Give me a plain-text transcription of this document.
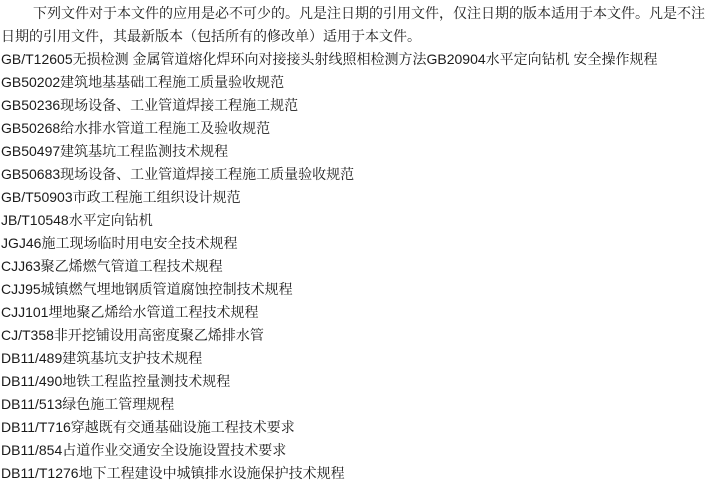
下列文件对于本文件的应用是必不可少的。凡是注日期的引用文件，仅注日期的版本适用于本文件。凡是不注
日期的引用文件，其最新版本（包括所有的修改单）适用于本文件。
GB/T12605无损检测 金属管道熔化焊环向对接接头射线照相检测方法GB20904水平定向钻机 安全操作规程
GB50202建筑地基基础工程施工质量验收规范
GB50236现场设备、工业管道焊接工程施工规范
GB50268给水排水管道工程施工及验收规范
GB50497建筑基坑工程监测技术规程
GB50683现场设备、工业管道焊接工程施工质量验收规范
GB/T50903市政工程施工组织设计规范
JB/T10548水平定向钻机
JGJ46施工现场临时用电安全技术规程
CJJ63聚乙烯燃气管道工程技术规程
CJJ95城镇燃气埋地钢质管道腐蚀控制技术规程
CJJ101埋地聚乙烯给水管道工程技术规程
CJ/T358非开挖铺设用高密度聚乙烯排水管
DB11/489建筑基坑支护技术规程
DB11/490地铁工程监控量测技术规程
DB11/513绿色施工管理规程
DB11/T716穿越既有交通基础设施工程技术要求
DB11/854占道作业交通安全设施设置技术要求
DB11/T1276地下工程建设中城镇排水设施保护技术规程
